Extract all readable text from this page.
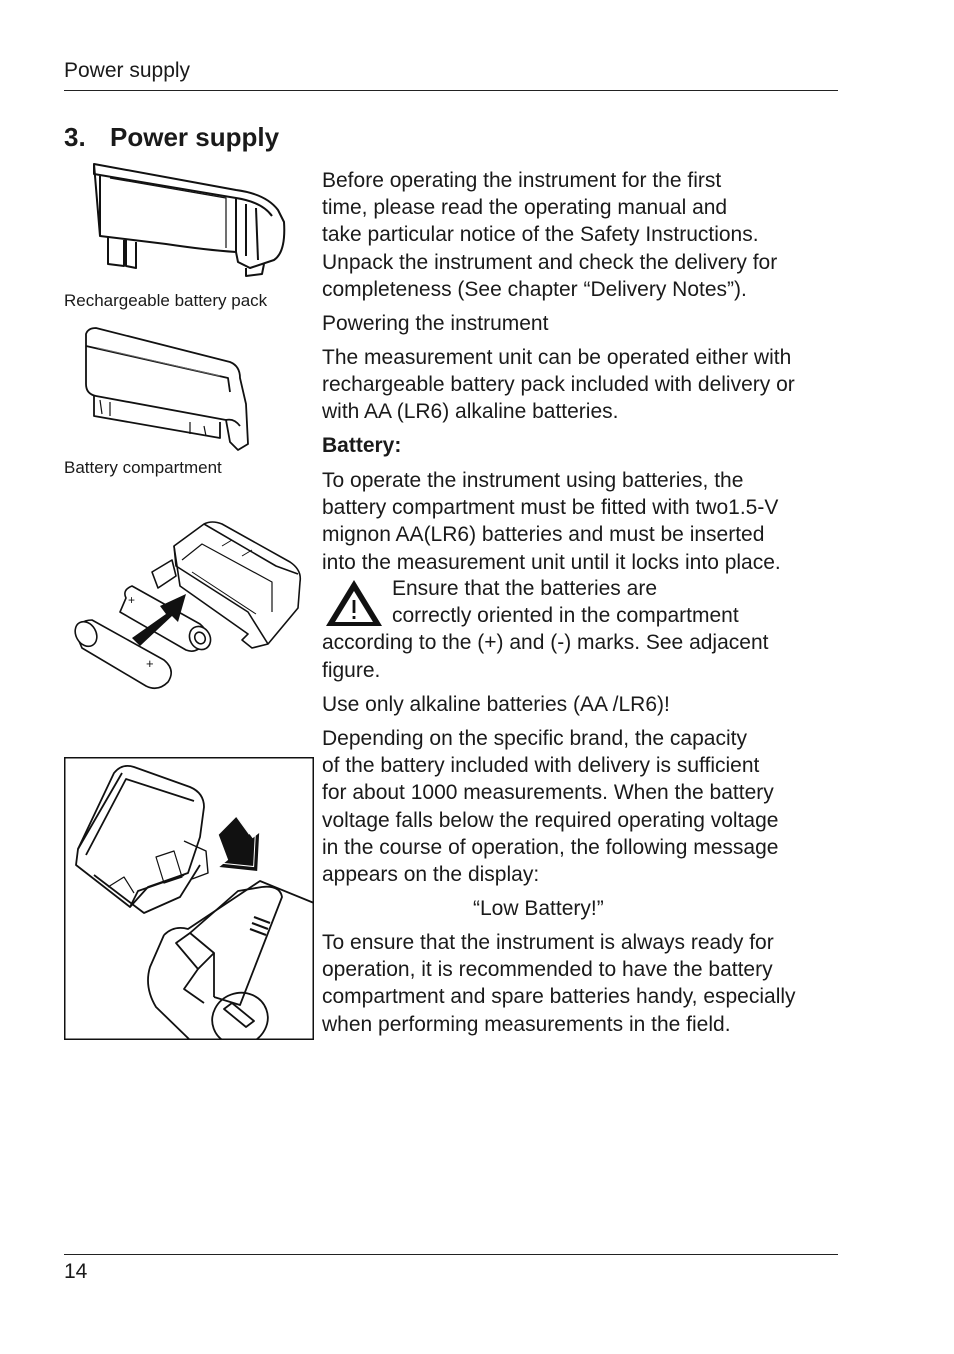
Power supply
3. Power supply
Rechargeable battery pack
Battery compartment
+
+
Before operating the instrument for the first
time, please read the operating manual and
take particular notice of the Safety Instructions.
Unpack the instrument and check the delivery for
completeness (See chapter “Delivery Notes”).
Powering the instrument
The measurement unit can be operated either with
rechargeable battery pack included with delivery or
with AA (LR6) alkaline batteries.
Battery:
To operate the instrument using batteries, the
battery compartment must be fitted with two1.5-V
mignon AA(LR6) batteries and must be inserted
into the measurement unit until it locks into place.
Ensure that the batteries are
correctly oriented in the compartment
according to the (+) and (-) marks. See adjacent
figure.
Use only alkaline batteries (AA /LR6)!
Depending on the specific brand, the capacity
of the battery included with delivery is sufficient
for about 1000 measurements. When the battery
voltage falls below the required operating voltage
in the course of operation, the following message
appears on the display:
“Low Battery!”
To ensure that the instrument is always ready for
operation, it is recommended to have the battery
compartment and spare batteries handy, especially
when performing measurements in the field.
14
